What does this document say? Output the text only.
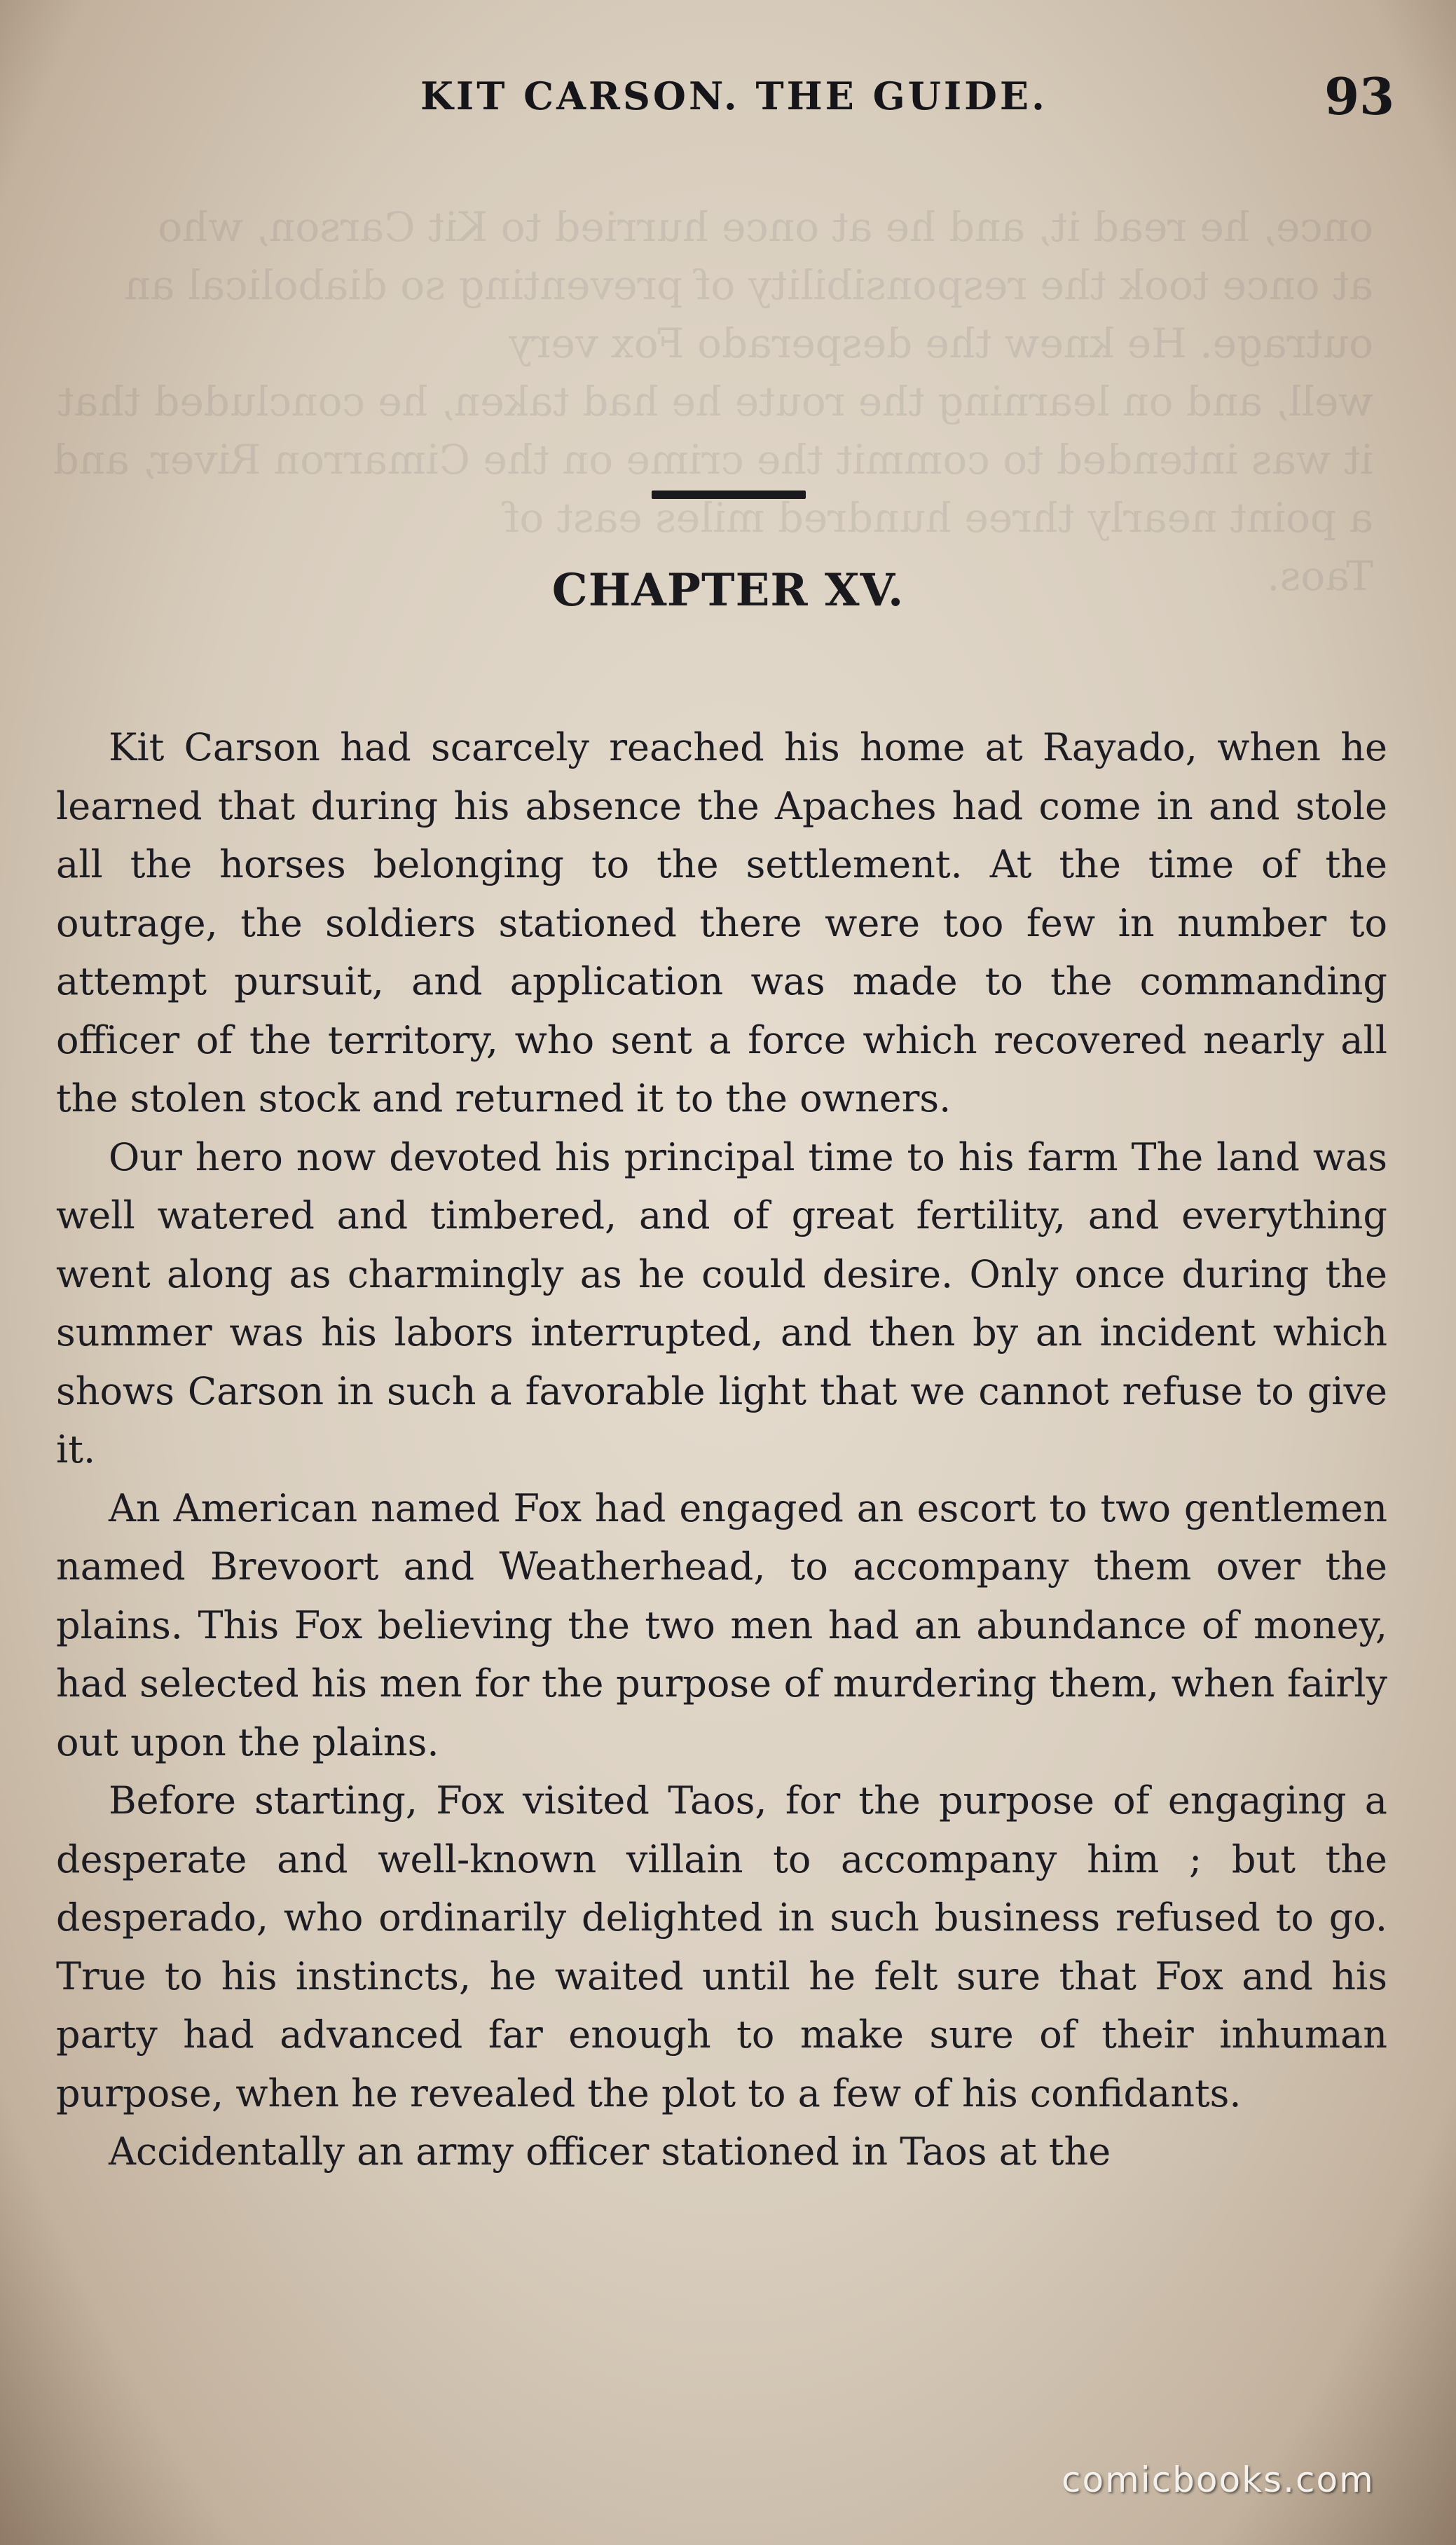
once, he read it, and he at once hurried to Kit Carson, who
at once took the responsibility of preventing so diabolical an outrage. He knew the desperado Fox very
well, and on learning the route he had taken, he concluded that it was intended to commit the crime on the Cimarron River, and a point nearly three hundred miles east of
Taos.

KIT CARSON. THE GUIDE.	93
CHAPTER XV.

Kit Carson had scarcely reached his home at Rayado, when he learned that during his absence the Apaches had come in and stole all the horses belonging to the settlement. At the time of the outrage, the soldiers stationed there were too few in number to attempt pursuit, and application was made to the commanding officer of the territory, who sent a force which recovered nearly all the stolen stock and returned it to the owners.

Our hero now devoted his principal time to his farm The land was well watered and timbered, and of great fertility, and everything went along as charmingly as he could desire. Only once during the summer was his labors interrupted, and then by an incident which shows Carson in such a favorable light that we cannot refuse to give it.

An American named Fox had engaged an escort to two gentlemen named Brevoort and Weatherhead, to accompany them over the plains. This Fox believing the two men had an abundance of money, had selected his men for the purpose of murdering them, when fairly out upon the plains.

Before starting, Fox visited Taos, for the purpose of engaging a desperate and well-known villain to accompany him ; but the desperado, who ordinarily delighted in such business refused to go. True to his instincts, he waited until he felt sure that Fox and his party had advanced far enough to make sure of their inhuman purpose, when he revealed the plot to a few of his confidants.

Accidentally an army officer stationed in Taos at the

comicbooks.com
